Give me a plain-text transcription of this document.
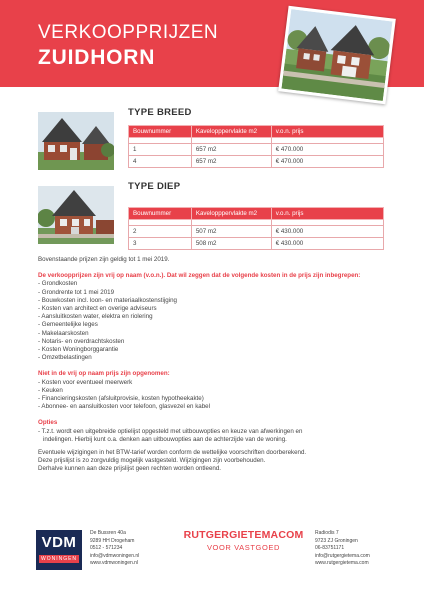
VERKOOPPRIJZEN
ZUIDHORN
TYPE BREED
Bouwnummer	Kavelopppervlakte m2	v.o.n. prijs

1	657 m2	€ 470.000
4	657 m2	€ 470.000
TYPE DIEP
Bouwnummer	Kavelopppervlakte m2	v.o.n. prijs

2	507 m2	€ 430.000
3	508 m2	€ 430.000

Bovenstaande prijzen zijn geldig tot 1 mei 2019.

De verkoopprijzen zijn vrij op naam (v.o.n.). Dat wil zeggen dat de volgende kosten in de prijs zijn inbegrepen:

- Grondkosten

- Grondrente tot 1 mei 2019

- Bouwkosten incl. loon- en materiaalkostenstijging

- Kosten van architect en overige adviseurs

- Aansluitkosten water, elektra en riolering

- Gemeentelijke leges

- Makelaarskosten

- Notaris- en overdrachtskosten

- Kosten Woningborggarantie

- Omzetbelastingen

Niet in de vrij op naam prijs zijn opgenomen:

- Kosten voor eventueel meerwerk

- Keuken

- Financieringskosten (afsluitprovisie, kosten hypotheekakte)

- Abonnee- en aansluitkosten voor telefoon, glasvezel en kabel

Opties

- T.z.t. wordt een uitgebreide optielijst opgesteld met uitbouwopties en keuze van afwerkingen en

indelingen. Hierbij kunt o.a. denken aan uitbouwopties aan de achterzijde van de woning.

Eventuele wijzigingen in het BTW-tarief worden conform de wettelijke voorschriften doorberekend.

Deze prijslijst is zo zorgvuldig mogelijk vastgesteld. Wijzigingen zijn voorbehouden.

Derhalve kunnen aan deze prijslijst geen rechten worden ontleend.

VDM
WONINGEN
De Bussren 40a
9289 HH Drogeham
0512 - 571234
info@vdmwoningen.nl
www.vdmwoningen.nl
RUTGERGIETEMACOM
VOOR VASTGOED
Radiodis 7
9723 ZJ Groningen
06-83751171
info@rutgergietema.com
www.rutgergietema.com
